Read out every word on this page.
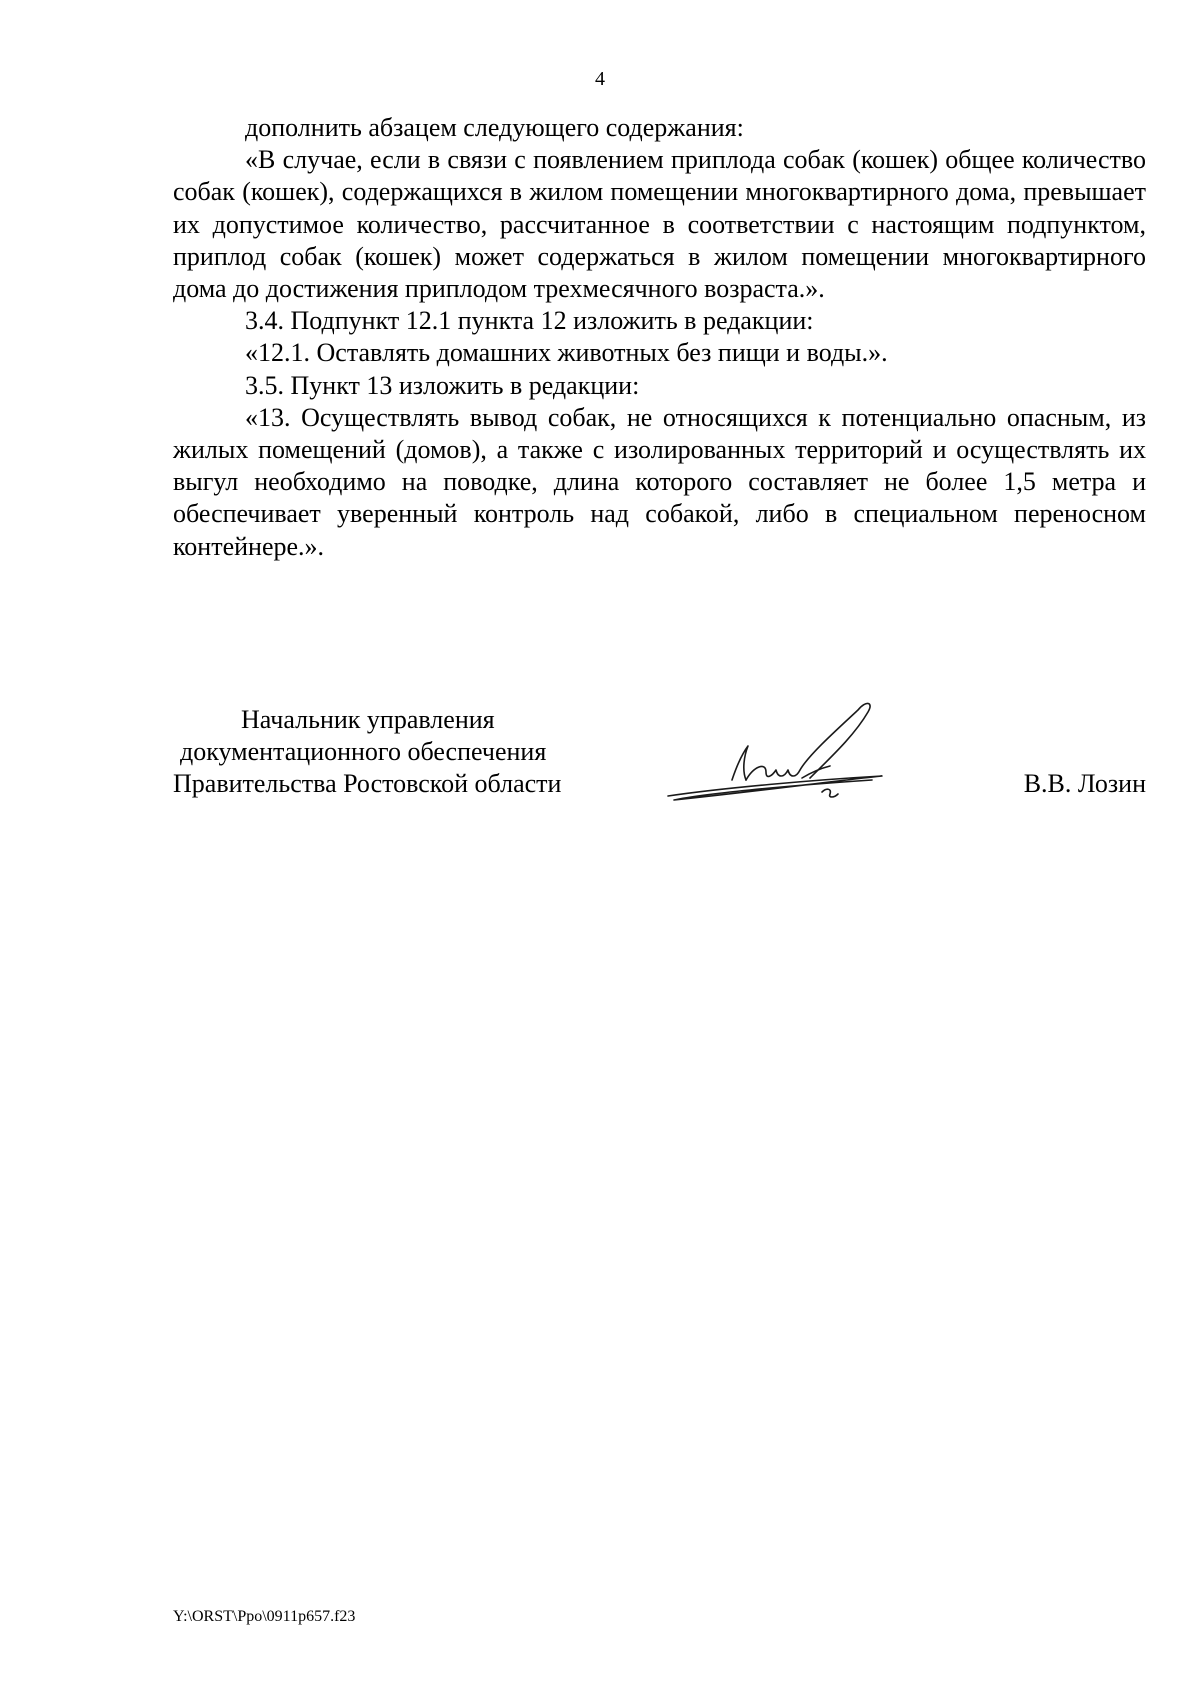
4

дополнить абзацем следующего содержания:

«В случае, если в связи с появлением приплода собак (кошек) общее количество собак (кошек), содержащихся в жилом помещении многоквартирного дома, превышает их допустимое количество, рассчитанное в соответствии с настоящим подпунктом, приплод собак (кошек) может содержаться в жилом помещении многоквартирного дома до достижения приплодом трехмесячного возраста.».

3.4. Подпункт 12.1 пункта 12 изложить в редакции:

«12.1. Оставлять домашних животных без пищи и воды.».

3.5. Пункт 13 изложить в редакции:

«13. Осуществлять вывод собак, не относящихся к потенциально опасным, из жилых помещений (домов), а также с изолированных территорий и осуществлять их выгул необходимо на поводке, длина которого составляет не более 1,5 метра и обеспечивает уверенный контроль над собакой, либо в специальном переносном контейнере.».

Начальник управления
документационного обеспечения
Правительства Ростовской области	В.В. Лозин
Y:\ORST\Ppo\0911p657.f23
